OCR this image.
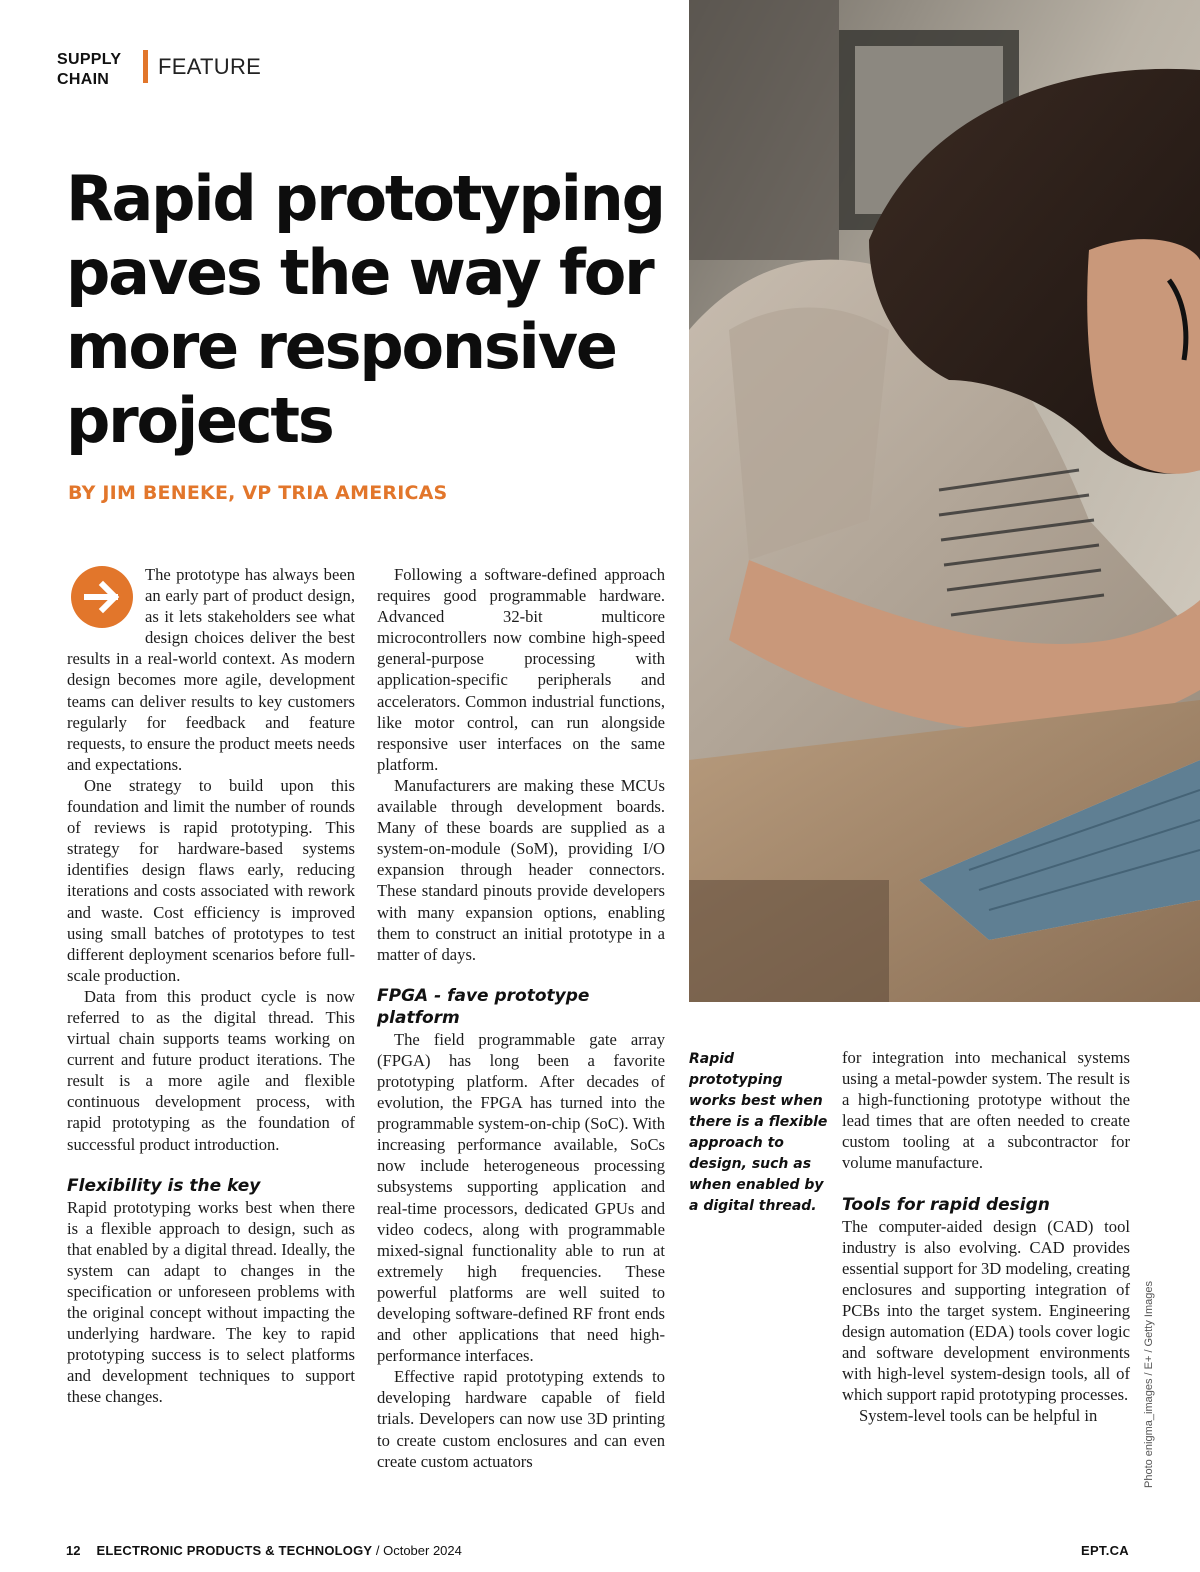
SUPPLY
CHAIN
FEATURE
Rapid prototyping paves the way for more responsive projects
BY JIM BENEKE, VP TRIA AMERICAS

The prototype has always been an early part of product design, as it lets stakeholders see what design choices deliver the best results in a real-world context. As modern design becomes more agile, development teams can deliver results to key customers regularly for feedback and feature requests, to ensure the product meets needs and expectations.

One strategy to build upon this foundation and limit the number of rounds of reviews is rapid prototyping. This strategy for hardware-based systems identifies design flaws early, reducing iterations and costs associated with rework and waste. Cost efficiency is improved using small batches of prototypes to test different deployment scenarios before full-scale production.

Data from this product cycle is now referred to as the digital thread. This virtual chain supports teams working on current and future product iterations. The result is a more agile and flexible continuous development process, with rapid prototyping as the foundation of successful product introduction.

Flexibility is the key

Rapid prototyping works best when there is a flexible approach to design, such as that enabled by a digital thread. Ideally, the system can adapt to changes in the specification or unforeseen problems with the original concept without impacting the underlying hardware. The key to rapid prototyping success is to select platforms and development techniques to support these changes.

Following a software-defined approach requires good programmable hardware. Advanced 32-bit multicore microcontrollers now combine high-speed general-purpose processing with application-specific peripherals and accelerators. Common industrial functions, like motor control, can run alongside responsive user interfaces on the same platform.

Manufacturers are making these MCUs available through development boards. Many of these boards are supplied as a system-on-module (SoM), providing I/O expansion through header connectors. These standard pinouts provide developers with many expansion options, enabling them to construct an initial prototype in a matter of days.

FPGA - fave prototype platform

The field programmable gate array (FPGA) has long been a favorite prototyping platform. After decades of evolution, the FPGA has turned into the programmable system-on-chip (SoC). With increasing performance available, SoCs now include heterogeneous processing subsystems supporting application and real-time processors, dedicated GPUs and video codecs, along with programmable mixed-signal functionality able to run at extremely high frequencies. These powerful platforms are well suited to developing software-defined RF front ends and other applications that need high-performance interfaces.

Effective rapid prototyping extends to developing hardware capable of field trials. Developers can now use 3D printing to create custom enclosures and can even create custom actuators

Rapid prototyping works best when there is a flexible approach to design, such as when enabled by a digital thread.

for integration into mechanical systems using a metal-powder system. The result is a high-functioning prototype without the lead times that are often needed to create custom tooling at a subcontractor for volume manufacture.

Tools for rapid design

The computer-aided design (CAD) tool industry is also evolving. CAD provides essential support for 3D modeling, creating enclosures and supporting integration of PCBs into the target system. Engineering design automation (EDA) tools cover logic and software development environments with high-level system-design tools, all of which support rapid prototyping processes.

System-level tools can be helpful in	Photo enigma_images / E+ / Getty Images
12 ELECTRONIC PRODUCTS & TECHNOLOGY / October 2024	EPT.CA
